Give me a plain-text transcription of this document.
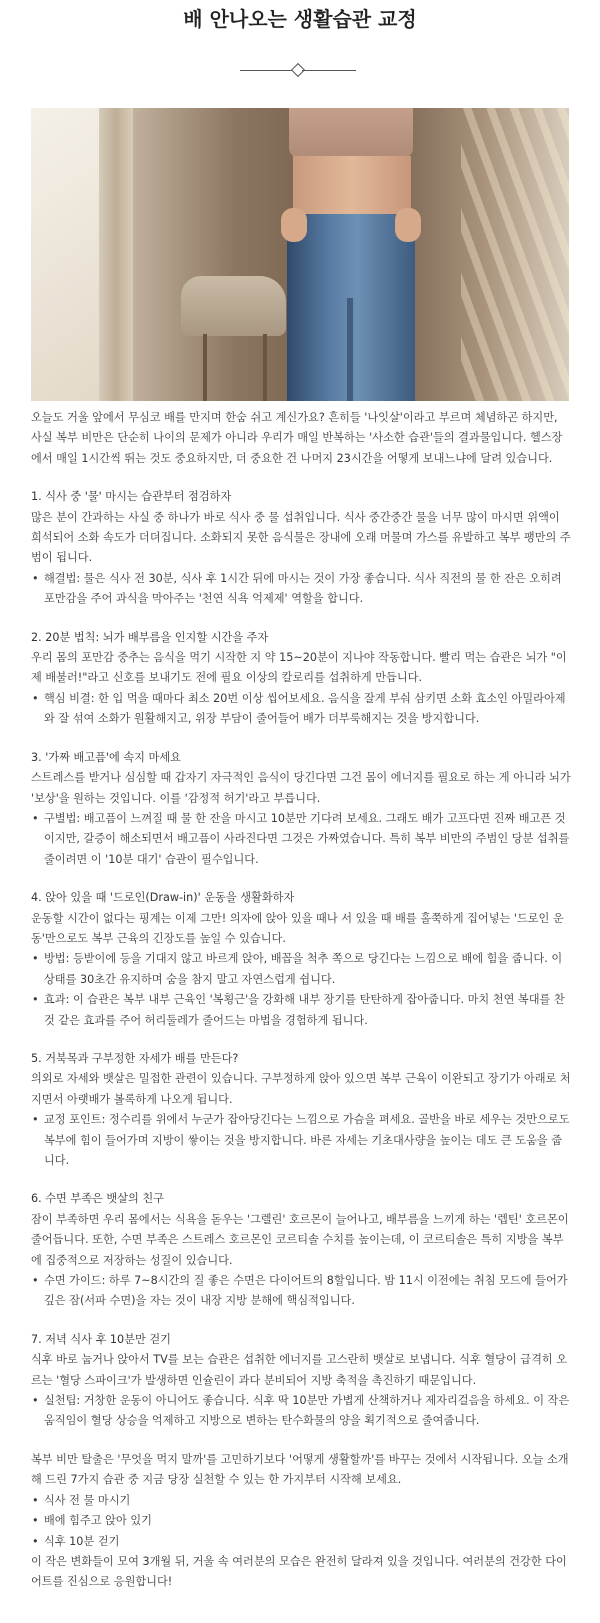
배 안나오는 생활습관 교정

오늘도 거울 앞에서 무심코 배를 만지며 한숨 쉬고 계신가요? 흔히들 '나잇살'이라고 부르며 체념하곤 하지만, 사실 복부 비만은 단순히 나이의 문제가 아니라 우리가 매일 반복하는 '사소한 습관'들의 결과물입니다. 헬스장에서 매일 1시간씩 뛰는 것도 중요하지만, 더 중요한 건 나머지 23시간을 어떻게 보내느냐에 달려 있습니다.

1. 식사 중 '물' 마시는 습관부터 점검하자

많은 분이 간과하는 사실 중 하나가 바로 식사 중 물 섭취입니다. 식사 중간중간 물을 너무 많이 마시면 위액이 희석되어 소화 속도가 더뎌집니다. 소화되지 못한 음식물은 장내에 오래 머물며 가스를 유발하고 복부 팽만의 주범이 됩니다.

• 해결법: 물은 식사 전 30분, 식사 후 1시간 뒤에 마시는 것이 가장 좋습니다. 식사 직전의 물 한 잔은 오히려 포만감을 주어 과식을 막아주는 '천연 식욕 억제제' 역할을 합니다.
2. 20분 법칙: 뇌가 배부름을 인지할 시간을 주자

우리 몸의 포만감 중추는 음식을 먹기 시작한 지 약 15~20분이 지나야 작동합니다. 빨리 먹는 습관은 뇌가 "이제 배불러!"라고 신호를 보내기도 전에 필요 이상의 칼로리를 섭취하게 만듭니다.

• 핵심 비결: 한 입 먹을 때마다 최소 20번 이상 씹어보세요. 음식을 잘게 부숴 삼키면 소화 효소인 아밀라아제와 잘 섞여 소화가 원활해지고, 위장 부담이 줄어들어 배가 더부룩해지는 것을 방지합니다.
3. '가짜 배고픔'에 속지 마세요

스트레스를 받거나 심심할 때 갑자기 자극적인 음식이 당긴다면 그건 몸이 에너지를 필요로 하는 게 아니라 뇌가 '보상'을 원하는 것입니다. 이를 '감정적 허기'라고 부릅니다.

• 구별법: 배고픔이 느껴질 때 물 한 잔을 마시고 10분만 기다려 보세요. 그래도 배가 고프다면 진짜 배고픈 것이지만, 갈증이 해소되면서 배고픔이 사라진다면 그것은 가짜였습니다. 특히 복부 비만의 주범인 당분 섭취를 줄이려면 이 '10분 대기' 습관이 필수입니다.
4. 앉아 있을 때 '드로인(Draw-in)' 운동을 생활화하자

운동할 시간이 없다는 핑계는 이제 그만! 의자에 앉아 있을 때나 서 있을 때 배를 홀쭉하게 집어넣는 '드로인 운동'만으로도 복부 근육의 긴장도를 높일 수 있습니다.

• 방법: 등받이에 등을 기대지 않고 바르게 앉아, 배꼽을 척추 쪽으로 당긴다는 느낌으로 배에 힘을 줍니다. 이 상태를 30초간 유지하며 숨을 참지 말고 자연스럽게 쉽니다.
• 효과: 이 습관은 복부 내부 근육인 '복횡근'을 강화해 내부 장기를 탄탄하게 잡아줍니다. 마치 천연 복대를 찬 것 같은 효과를 주어 허리둘레가 줄어드는 마법을 경험하게 됩니다.
5. 거북목과 구부정한 자세가 배를 만든다?

의외로 자세와 뱃살은 밀접한 관련이 있습니다. 구부정하게 앉아 있으면 복부 근육이 이완되고 장기가 아래로 처지면서 아랫배가 볼록하게 나오게 됩니다.

• 교정 포인트: 정수리를 위에서 누군가 잡아당긴다는 느낌으로 가슴을 펴세요. 골반을 바로 세우는 것만으로도 복부에 힘이 들어가며 지방이 쌓이는 것을 방지합니다. 바른 자세는 기초대사량을 높이는 데도 큰 도움을 줍니다.
6. 수면 부족은 뱃살의 친구

잠이 부족하면 우리 몸에서는 식욕을 돋우는 '그렐린' 호르몬이 늘어나고, 배부름을 느끼게 하는 '렙틴' 호르몬이 줄어듭니다. 또한, 수면 부족은 스트레스 호르몬인 코르티솔 수치를 높이는데, 이 코르티솔은 특히 지방을 복부에 집중적으로 저장하는 성질이 있습니다.

• 수면 가이드: 하루 7~8시간의 질 좋은 수면은 다이어트의 8할입니다. 밤 11시 이전에는 취침 모드에 들어가 깊은 잠(서파 수면)을 자는 것이 내장 지방 분해에 핵심적입니다.
7. 저녁 식사 후 10분만 걷기

식후 바로 눕거나 앉아서 TV를 보는 습관은 섭취한 에너지를 고스란히 뱃살로 보냅니다. 식후 혈당이 급격히 오르는 '혈당 스파이크'가 발생하면 인슐린이 과다 분비되어 지방 축적을 촉진하기 때문입니다.

• 실천팁: 거창한 운동이 아니어도 좋습니다. 식후 딱 10분만 가볍게 산책하거나 제자리걸음을 하세요. 이 작은 움직임이 혈당 상승을 억제하고 지방으로 변하는 탄수화물의 양을 획기적으로 줄여줍니다.

복부 비만 탈출은 '무엇을 먹지 말까'를 고민하기보다 '어떻게 생활할까'를 바꾸는 것에서 시작됩니다. 오늘 소개해 드린 7가지 습관 중 지금 당장 실천할 수 있는 한 가지부터 시작해 보세요.

• 식사 전 물 마시기
• 배에 힘주고 앉아 있기
• 식후 10분 걷기

이 작은 변화들이 모여 3개월 뒤, 거울 속 여러분의 모습은 완전히 달라져 있을 것입니다. 여러분의 건강한 다이어트를 진심으로 응원합니다!
